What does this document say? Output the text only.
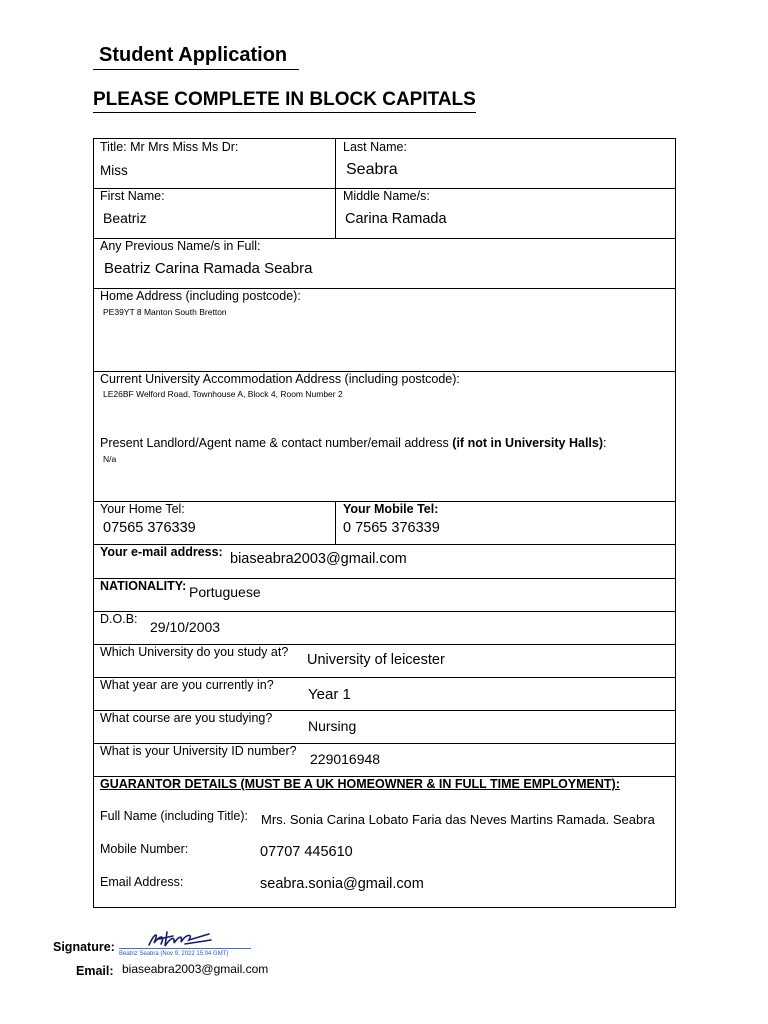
Student Application
PLEASE COMPLETE IN BLOCK CAPITALS
Title: Mr Mrs Miss Ms Dr:
Miss
Last Name:
Seabra
First Name:
Beatriz
Middle Name/s:
Carina Ramada
Any Previous Name/s in Full:
Beatriz Carina Ramada Seabra
Home Address (including postcode):
PE39YT 8 Manton South Bretton
Current University Accommodation Address (including postcode):
LE26BF Welford Road, Townhouse A, Block 4, Room Number 2
Present Landlord/Agent name & contact number/email address (if not in University Halls):
N/a
Your Home Tel:
07565 376339
Your Mobile Tel:
0 7565 376339
Your e-mail address: biaseabra2003@gmail.com
NATIONALITY: Portuguese
D.O.B: 29/10/2003
Which University do you study at? University of leicester
What year are you currently in?
Year 1
What course are you studying?	Nursing
What is your University ID number? 229016948
GUARANTOR DETAILS (MUST BE A UK HOMEOWNER & IN FULL TIME EMPLOYMENT):
Full Name (including Title): Mrs. Sonia Carina Lobato Faria das Neves Martins Ramada. Seabra
Mobile Number:	07707 445610
Email Address:	seabra.sonia@gmail.com
Signature: Beatriz Seabra (Nov 9, 2022 15:04 GMT)
Email: biaseabra2003@gmail.com
